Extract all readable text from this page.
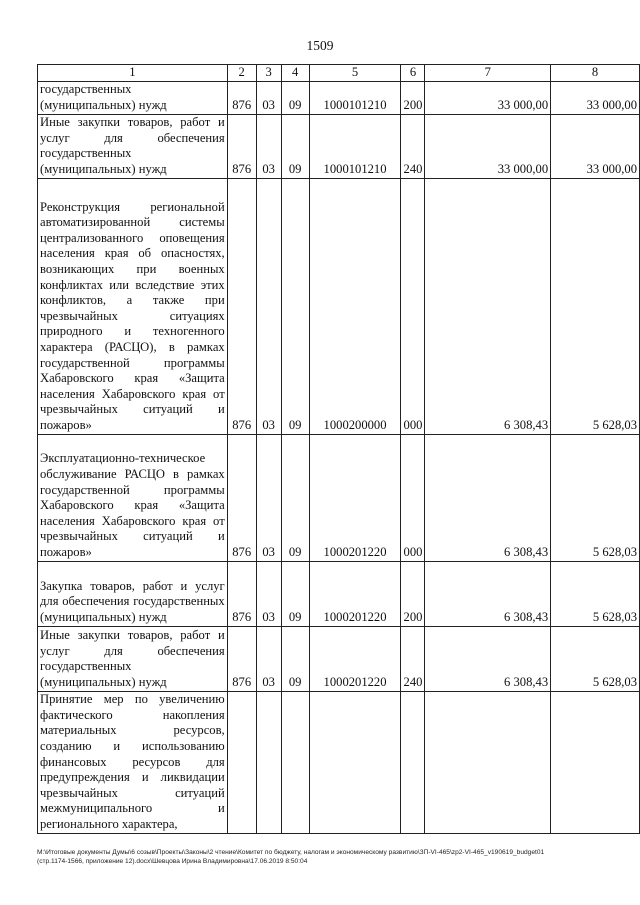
1509
1	2	3	4	5	6	7	8
государственных (муниципальных) нужд	876	03	09	1000101210	200	33 000,00	33 000,00
Иные закупки товаров, работ и услуг для обеспечения государственных (муниципальных) нужд	876	03	09	1000101210	240	33 000,00	33 000,00
Реконструкция региональной автоматизированной системы централизованного оповещения населения края об опасностях, возникающих при военных конфликтах или вследствие этих конфликтов, а также при чрезвычайных ситуациях природного и техногенного характера (РАСЦО), в рамках государственной программы Хабаровского края «Защита населения Хабаровского края от чрезвычайных ситуаций и пожаров»	876	03	09	1000200000	000	6 308,43	5 628,03
Эксплуатационно-техническое обслуживание РАСЦО в рамках государственной программы Хабаровского края «Защита населения Хабаровского края от чрезвычайных ситуаций и пожаров»	876	03	09	1000201220	000	6 308,43	5 628,03
Закупка товаров, работ и услуг для обеспечения государственных (муниципальных) нужд	876	03	09	1000201220	200	6 308,43	5 628,03
Иные закупки товаров, работ и услуг для обеспечения государственных (муниципальных) нужд	876	03	09	1000201220	240	6 308,43	5 628,03
Принятие мер по увеличению фактического накопления материальных ресурсов, созданию и использованию финансовых ресурсов для предупреждения и ликвидации чрезвычайных ситуаций межмуниципального и регионального характера,							
M:\Итоговые документы Думы\6 созыв\Проекты\Законы\2 чтение\Комитет по бюджету, налогам и экономическому развитию\ЗП-VI-465\zp2-VI-465_v190619_budget01
(стр.1174-1566, приложение 12).docx\Шевцова Ирина Владимировна\17.06.2019 8:50:04
